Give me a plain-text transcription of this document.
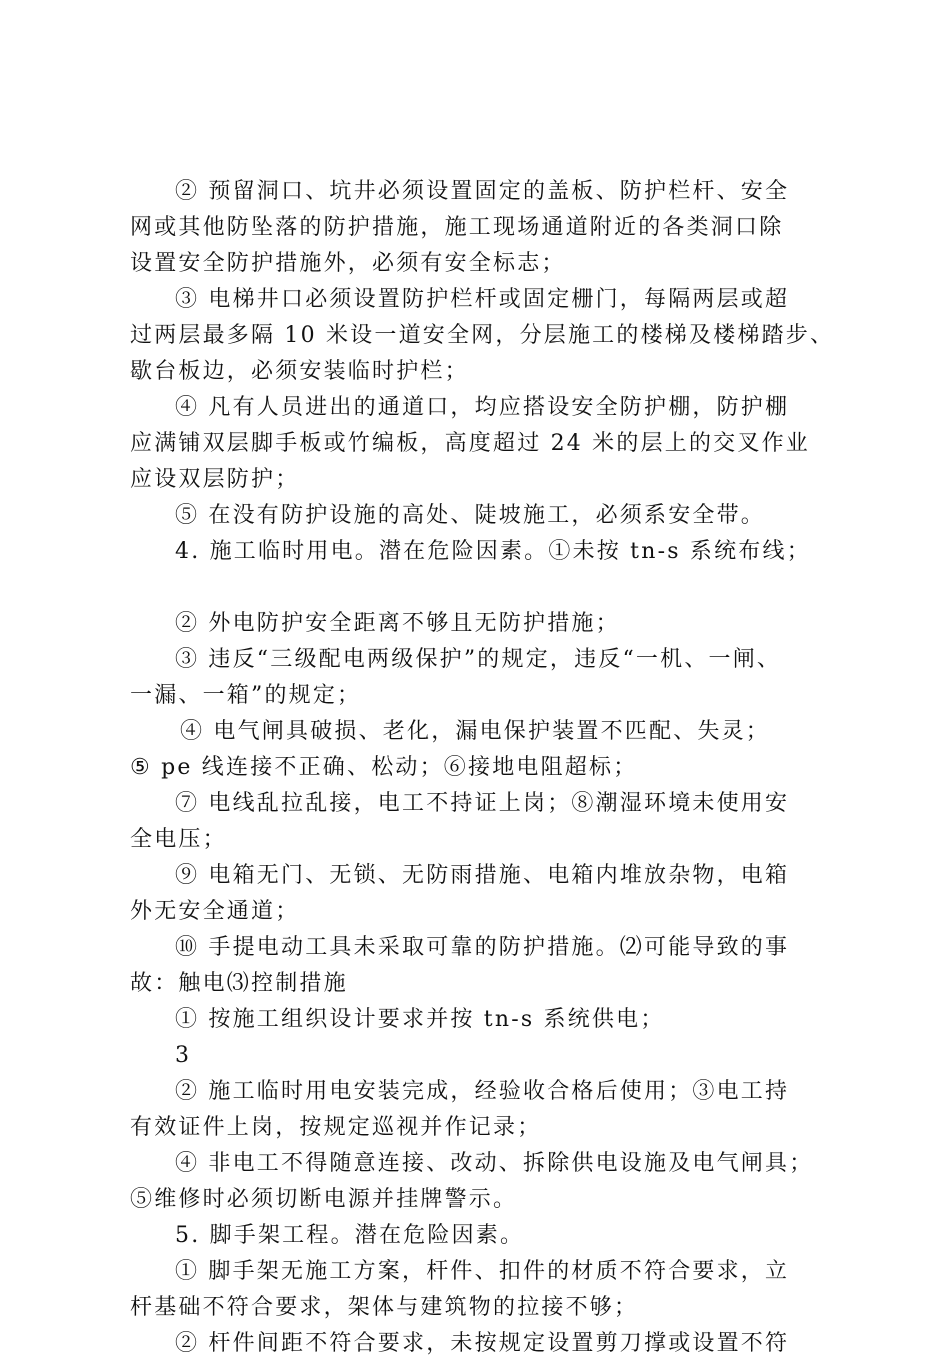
② 预留洞口、坑井必须设置固定的盖板、防护栏杆、安全
网或其他防坠落的防护措施，施工现场通道附近的各类洞口除
设置安全防护措施外，必须有安全标志；
③ 电梯井口必须设置防护栏杆或固定栅门，每隔两层或超
过两层最多隔 10 米设一道安全网，分层施工的楼梯及楼梯踏步、
歇台板边，必须安装临时护栏；
④ 凡有人员进出的通道口，均应搭设安全防护棚，防护棚
应满铺双层脚手板或竹编板，高度超过 24 米的层上的交叉作业
应设双层防护；
⑤ 在没有防护设施的高处、陡坡施工，必须系安全带。
4. 施工临时用电。潜在危险因素。①未按 tn-s 系统布线；
② 外电防护安全距离不够且无防护措施；
③ 违反“三级配电两级保护”的规定，违反“一机、一闸、
一漏、一箱”的规定；
④ 电气闸具破损、老化，漏电保护装置不匹配、失灵；
⑤ pe 线连接不正确、松动；⑥接地电阻超标；
⑦ 电线乱拉乱接，电工不持证上岗；⑧潮湿环境未使用安
全电压；
⑨ 电箱无门、无锁、无防雨措施、电箱内堆放杂物，电箱
外无安全通道；
⑩ 手提电动工具未采取可靠的防护措施。⑵可能导致的事
故：触电⑶控制措施
① 按施工组织设计要求并按 tn-s 系统供电；
3
② 施工临时用电安装完成，经验收合格后使用；③电工持
有效证件上岗，按规定巡视并作记录；
④ 非电工不得随意连接、改动、拆除供电设施及电气闸具；
⑤维修时必须切断电源并挂牌警示。
5. 脚手架工程。潜在危险因素。
① 脚手架无施工方案，杆件、扣件的材质不符合要求，立
杆基础不符合要求，架体与建筑物的拉接不够；
② 杆件间距不符合要求，未按规定设置剪刀撑或设置不符
